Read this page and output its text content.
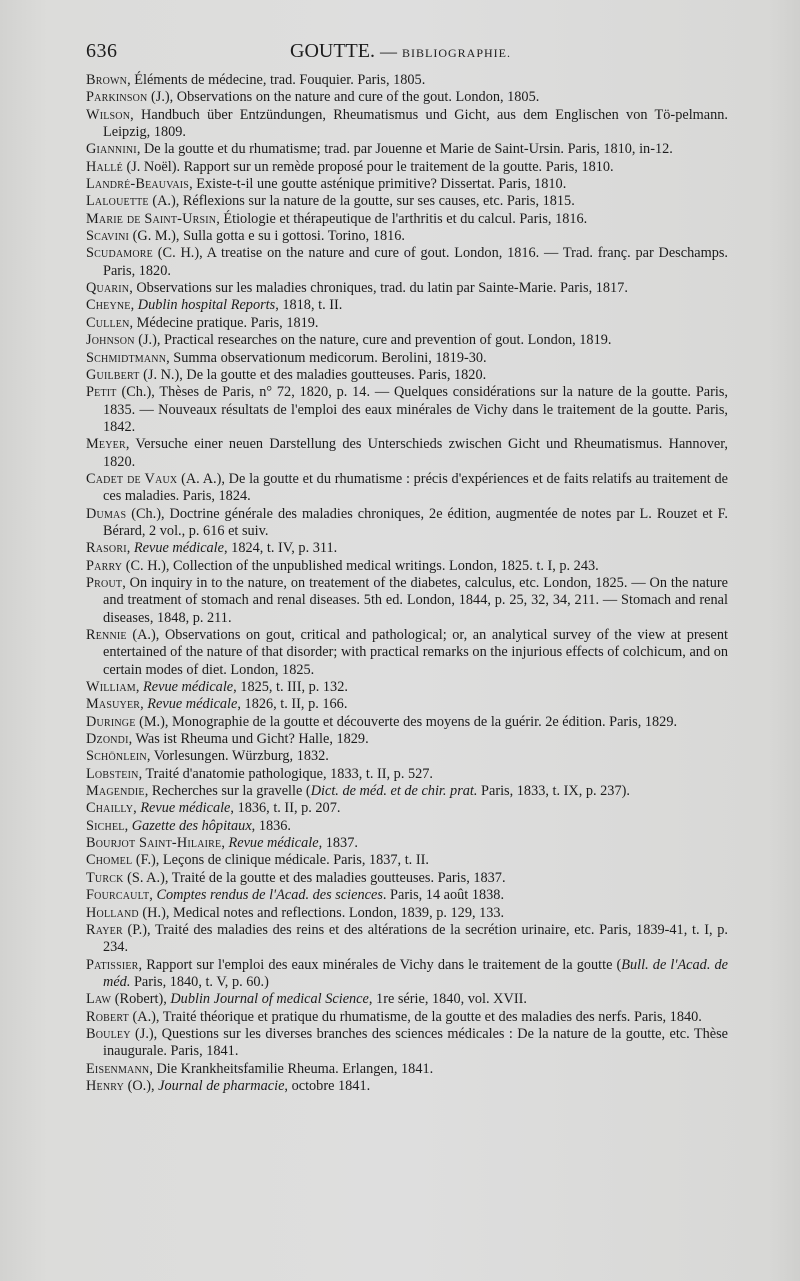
636	GOUTTE. — BIBLIOGRAPHIE.
Brown, Éléments de médecine, trad. Fouquier. Paris, 1805.
Parkinson (J.), Observations on the nature and cure of the gout. London, 1805.
Wilson, Handbuch über Entzündungen, Rheumatismus und Gicht, aus dem Englischen von Tö-pelmann. Leipzig, 1809.
Giannini, De la goutte et du rhumatisme; trad. par Jouenne et Marie de Saint-Ursin. Paris, 1810, in-12.
Hallé (J. Noël). Rapport sur un remède proposé pour le traitement de la goutte. Paris, 1810.
Landré-Beauvais, Existe-t-il une goutte asténique primitive? Dissertat. Paris, 1810.
Lalouette (A.), Réflexions sur la nature de la goutte, sur ses causes, etc. Paris, 1815.
Marie de Saint-Ursin, Étiologie et thérapeutique de l'arthritis et du calcul. Paris, 1816.
Scavini (G. M.), Sulla gotta e su i gottosi. Torino, 1816.
Scudamore (C. H.), A treatise on the nature and cure of gout. London, 1816. — Trad. franç. par Deschamps. Paris, 1820.
Quarin, Observations sur les maladies chroniques, trad. du latin par Sainte-Marie. Paris, 1817.
Cheyne, Dublin hospital Reports, 1818, t. II.
Cullen, Médecine pratique. Paris, 1819.
Johnson (J.), Practical researches on the nature, cure and prevention of gout. London, 1819.
Schmidtmann, Summa observationum medicorum. Berolini, 1819-30.
Guilbert (J. N.), De la goutte et des maladies goutteuses. Paris, 1820.
Petit (Ch.), Thèses de Paris, n° 72, 1820, p. 14. — Quelques considérations sur la nature de la goutte. Paris, 1835. — Nouveaux résultats de l'emploi des eaux minérales de Vichy dans le traitement de la goutte. Paris, 1842.
Meyer, Versuche einer neuen Darstellung des Unterschieds zwischen Gicht und Rheumatismus. Hannover, 1820.
Cadet de Vaux (A. A.), De la goutte et du rhumatisme : précis d'expériences et de faits relatifs au traitement de ces maladies. Paris, 1824.
Dumas (Ch.), Doctrine générale des maladies chroniques, 2e édition, augmentée de notes par L. Rouzet et F. Bérard, 2 vol., p. 616 et suiv.
Rasori, Revue médicale, 1824, t. IV, p. 311.
Parry (C. H.), Collection of the unpublished medical writings. London, 1825. t. I, p. 243.
Prout, On inquiry in to the nature, on treatement of the diabetes, calculus, etc. London, 1825. — On the nature and treatment of stomach and renal diseases. 5th ed. London, 1844, p. 25, 32, 34, 211. — Stomach and renal diseases, 1848, p. 211.
Rennie (A.), Observations on gout, critical and pathological; or, an analytical survey of the view at present entertained of the nature of that disorder; with practical remarks on the injurious effects of colchicum, and on certain modes of diet. London, 1825.
William, Revue médicale, 1825, t. III, p. 132.
Masuyer, Revue médicale, 1826, t. II, p. 166.
Duringe (M.), Monographie de la goutte et découverte des moyens de la guérir. 2e édition. Paris, 1829.
Dzondi, Was ist Rheuma und Gicht? Halle, 1829.
Schönlein, Vorlesungen. Würzburg, 1832.
Lobstein, Traité d'anatomie pathologique, 1833, t. II, p. 527.
Magendie, Recherches sur la gravelle (Dict. de méd. et de chir. prat. Paris, 1833, t. IX, p. 237).
Chailly, Revue médicale, 1836, t. II, p. 207.
Sichel, Gazette des hôpitaux, 1836.
Bourjot Saint-Hilaire, Revue médicale, 1837.
Chomel (F.), Leçons de clinique médicale. Paris, 1837, t. II.
Turck (S. A.), Traité de la goutte et des maladies goutteuses. Paris, 1837.
Fourcault, Comptes rendus de l'Acad. des sciences. Paris, 14 août 1838.
Holland (H.), Medical notes and reflections. London, 1839, p. 129, 133.
Rayer (P.), Traité des maladies des reins et des altérations de la secrétion urinaire, etc. Paris, 1839-41, t. I, p. 234.
Patissier, Rapport sur l'emploi des eaux minérales de Vichy dans le traitement de la goutte (Bull. de l'Acad. de méd. Paris, 1840, t. V, p. 60.)
Law (Robert), Dublin Journal of medical Science, 1re série, 1840, vol. XVII.
Robert (A.), Traité théorique et pratique du rhumatisme, de la goutte et des maladies des nerfs. Paris, 1840.
Bouley (J.), Questions sur les diverses branches des sciences médicales : De la nature de la goutte, etc. Thèse inaugurale. Paris, 1841.
Eisenmann, Die Krankheitsfamilie Rheuma. Erlangen, 1841.
Henry (O.), Journal de pharmacie, octobre 1841.
